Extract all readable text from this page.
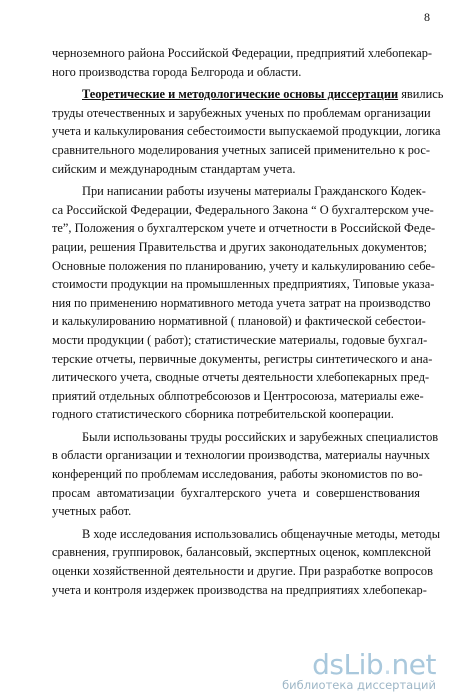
8
черноземного района Российской Федерации, предприятий хлебопекар-
ного производства города Белгорода и области.
Теоретические и методологические основы диссертации явились
труды отечественных и зарубежных ученых по проблемам организации
учета и калькулирования себестоимости выпускаемой продукции, логика
сравнительного моделирования учетных записей применительно к рос-
сийским и международным стандартам учета.
При написании работы изучены материалы Гражданского Кодек-
са Российской Федерации, Федерального Закона “ О бухгалтерском уче-
те”, Положения о бухгалтерском учете и отчетности в Российской Феде-
рации, решения Правительства и других законодательных документов;
Основные положения по планированию, учету и калькулированию себе-
стоимости продукции на промышленных предприятиях, Типовые указа-
ния по применению нормативного метода учета затрат на производство
и калькулированию нормативной ( плановой) и фактической себестои-
мости продукции ( работ); статистические материалы, годовые бухгал-
терские отчеты, первичные документы, регистры синтетического и ана-
литического учета, сводные отчеты деятельности хлебопекарных пред-
приятий отдельных облпотребсоюзов и Центросоюза, материалы еже-
годного статистического сборника потребительской кооперации.
Были использованы труды российских и зарубежных специалистов
в области организации и технологии производства, материалы научных
конференций по проблемам исследования, работы экономистов по во-
просам автоматизации бухгалтерского учета и совершенствования
учетных работ.
В ходе исследования использовались общенаучные методы, методы
сравнения, группировок, балансовый, экспертных оценок, комплексной
оценки хозяйственной деятельности и другие. При разработке вопросов
учета и контроля издержек производства на предприятиях хлебопекар-
dsLib.net
библиотека диссертаций
